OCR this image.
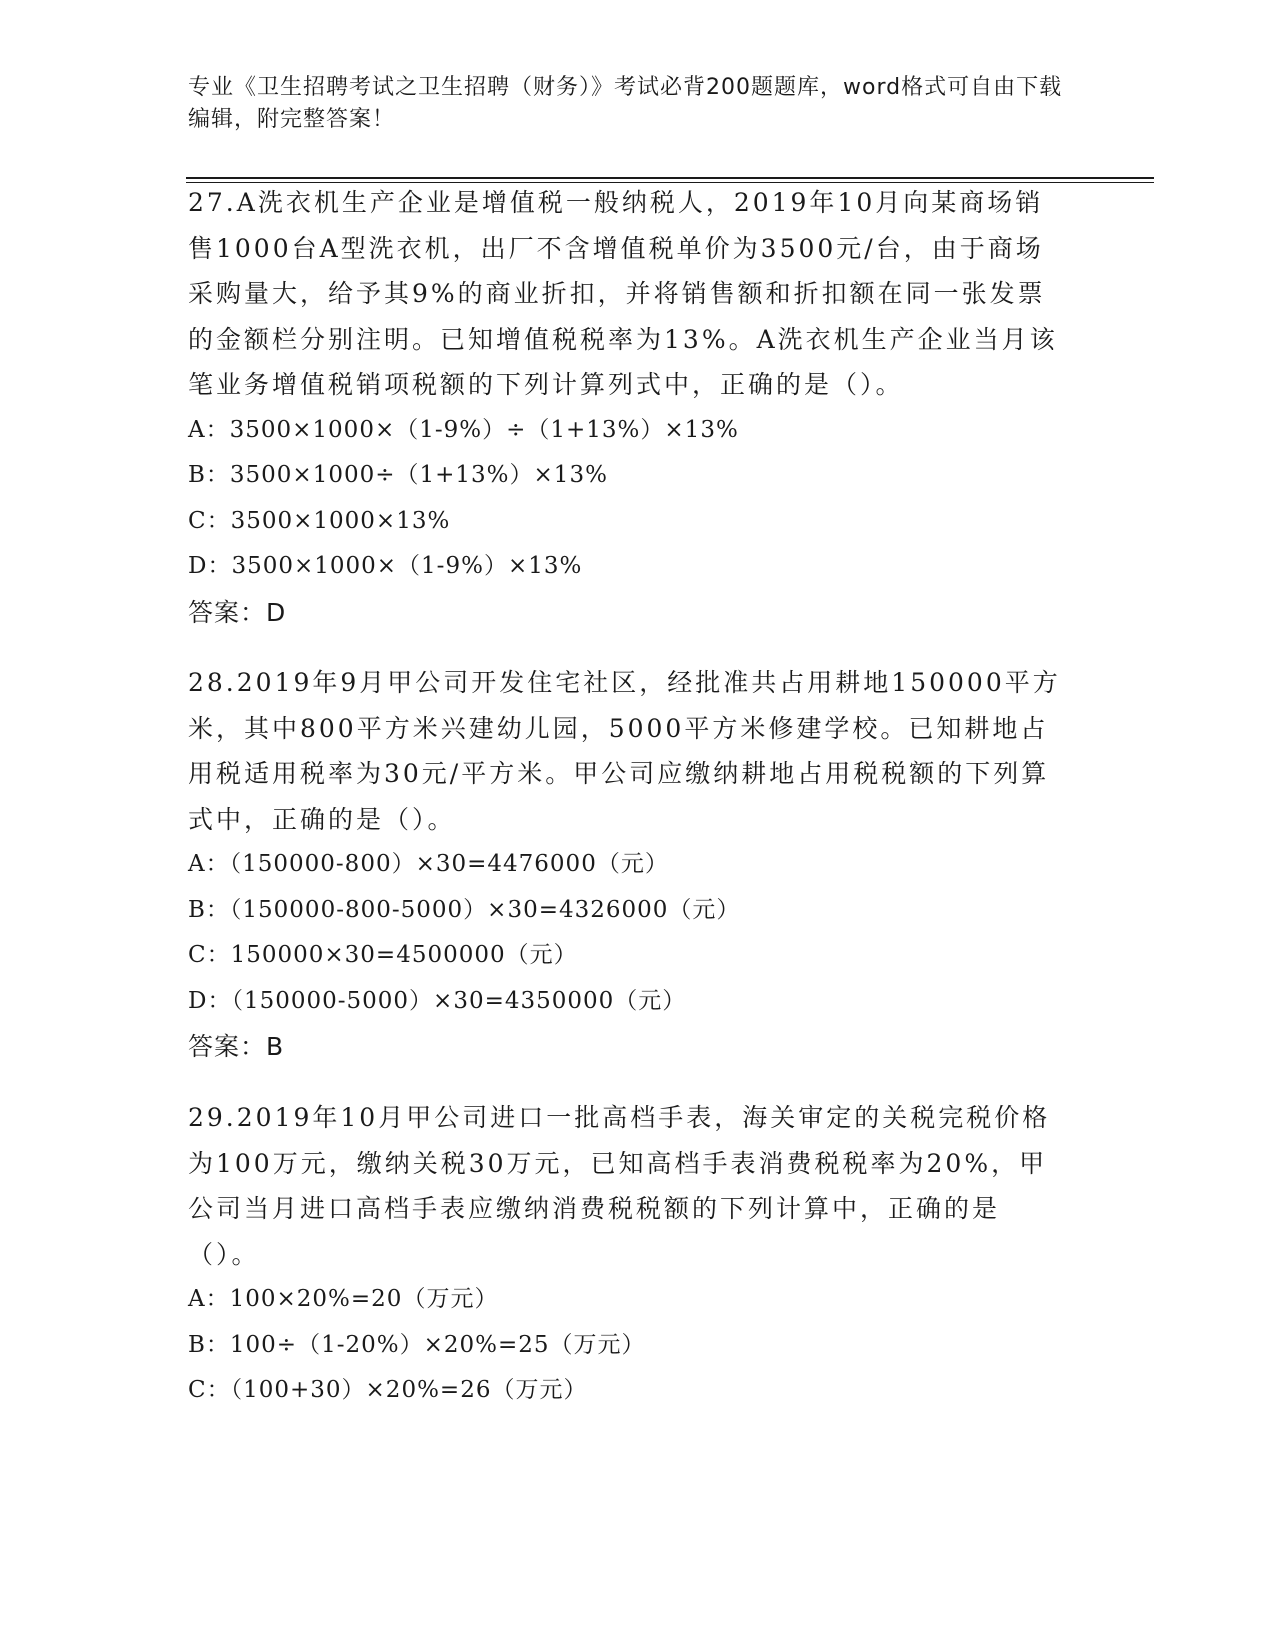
专业《卫生招聘考试之卫生招聘（财务）》考试必背200题题库，word格式可自由下载编辑，附完整答案！

27.A洗衣机生产企业是增值税一般纳税人，2019年10月向某商场销售1000台A型洗衣机，出厂不含增值税单价为3500元/台，由于商场采购量大，给予其9%的商业折扣，并将销售额和折扣额在同一张发票的金额栏分别注明。已知增值税税率为13%。A洗衣机生产企业当月该笔业务增值税销项税额的下列计算列式中，正确的是（）。

A：3500×1000×（1-9%）÷（1+13%）×13%
B：3500×1000÷（1+13%）×13%
C：3500×1000×13%
D：3500×1000×（1-9%）×13%
答案：D

28.2019年9月甲公司开发住宅社区，经批准共占用耕地150000平方米，其中800平方米兴建幼儿园，5000平方米修建学校。已知耕地占用税适用税率为30元/平方米。甲公司应缴纳耕地占用税税额的下列算式中，正确的是（）。

A：（150000-800）×30=4476000（元）
B：（150000-800-5000）×30=4326000（元）
C：150000×30=4500000（元）
D：（150000-5000）×30=4350000（元）
答案：B

29.2019年10月甲公司进口一批高档手表，海关审定的关税完税价格为100万元，缴纳关税30万元，已知高档手表消费税税率为20%，甲公司当月进口高档手表应缴纳消费税税额的下列计算中，正确的是（）。

A：100×20%=20（万元）
B：100÷（1-20%）×20%=25（万元）
C：（100+30）×20%=26（万元）
